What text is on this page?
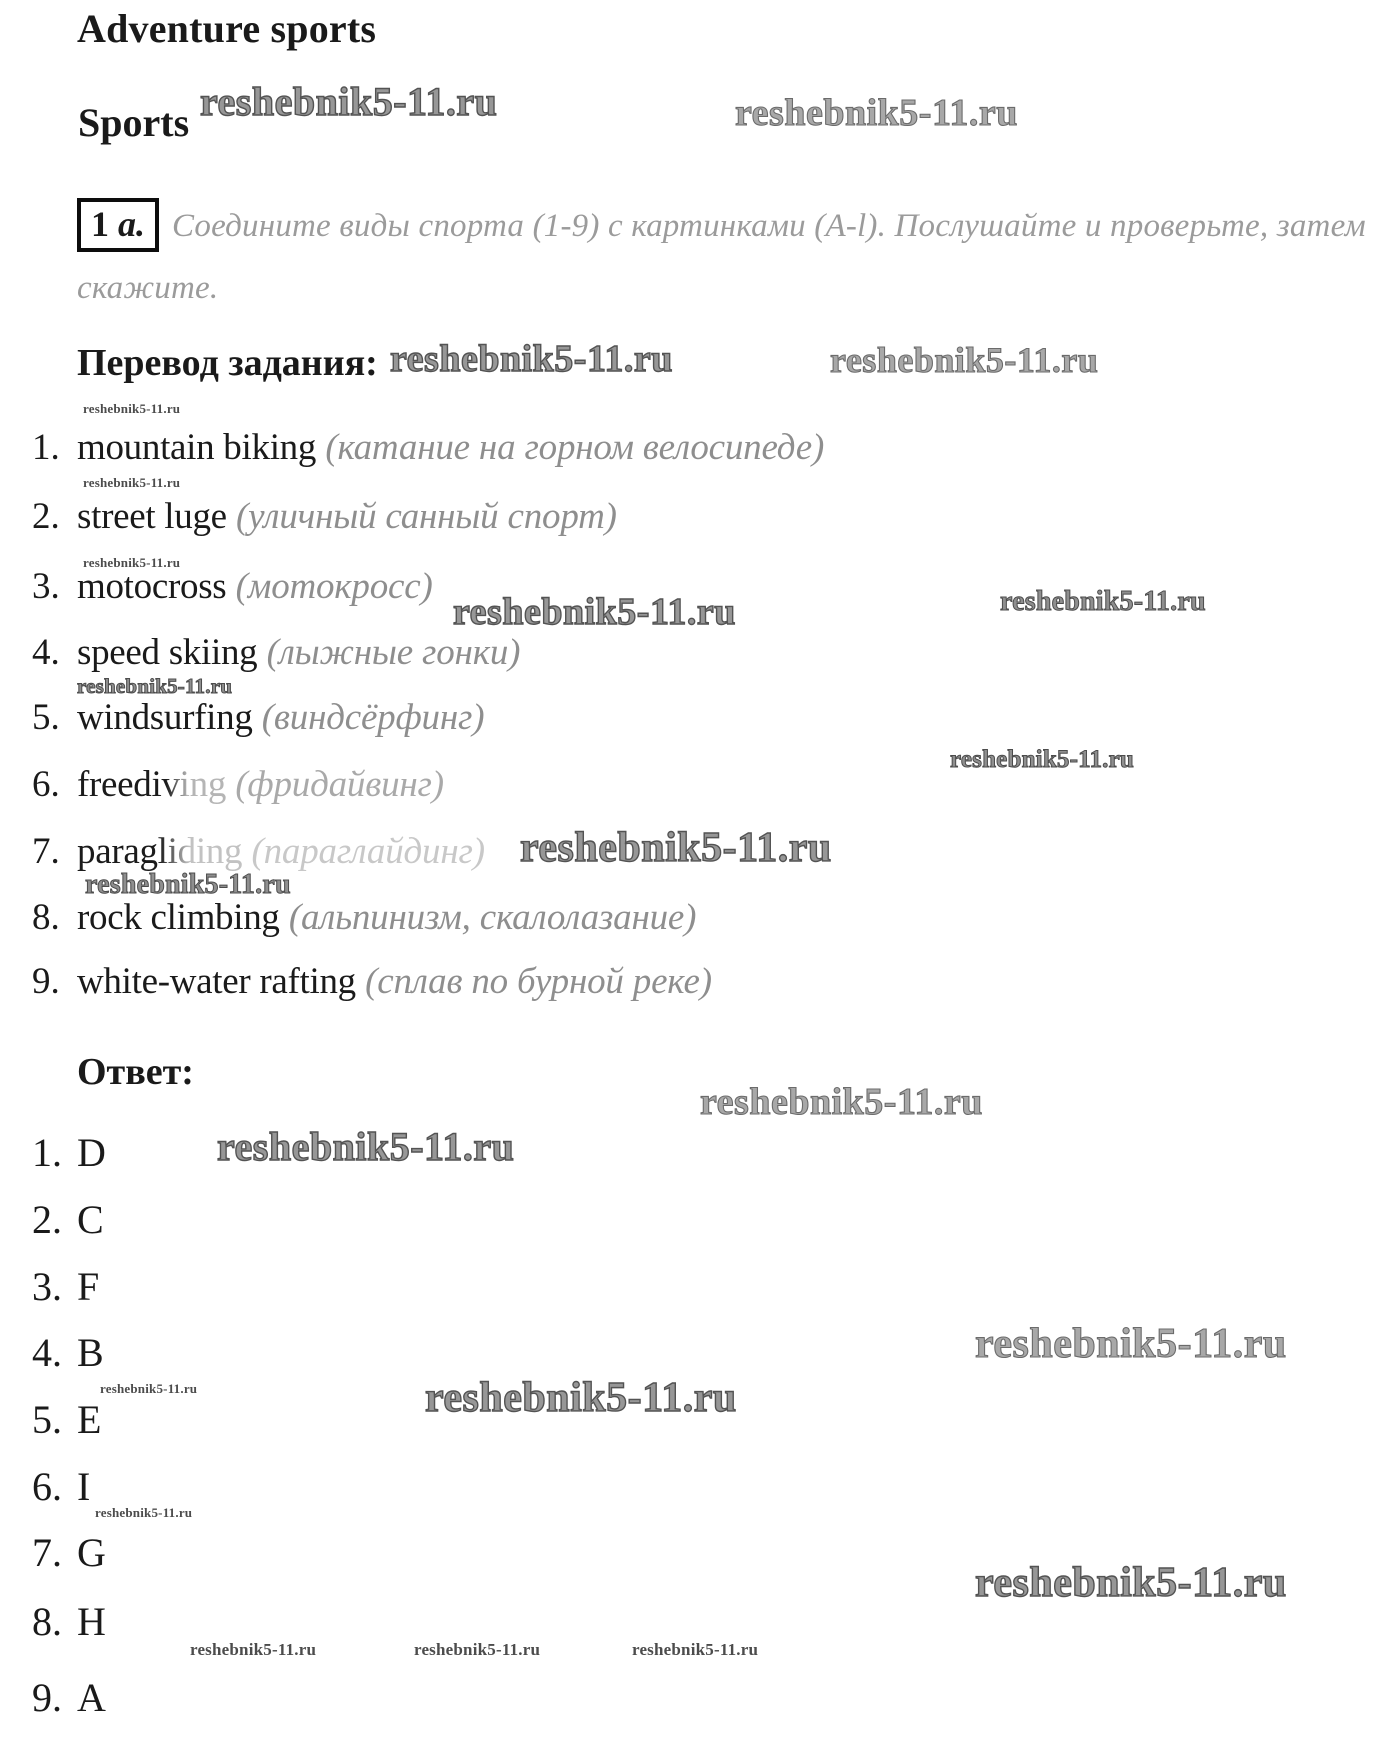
Adventure sports
Sports
1 а. Соедините виды спорта (1-9) с картинками (A-l). Послушайте и проверьте, затем
скажите.
Перевод задания:
1. mountain biking (катание на горном велосипеде)
2. street luge (уличный санный спорт)
3. motocross (мотокросс)
4. speed skiing (лыжные гонки)
5. windsurfing (виндсёрфинг)
6. freediving (фридайвинг)
7. paragliding (параглайдинг)
8. rock climbing (альпинизм, скалолазание)
9. white-water rafting (сплав по бурной реке)
Ответ:
1. D
2. C
3. F
4. B
5. E
6. I
7. G
8. H
9. A
reshebnik5-11.ru	reshebnik5-11.ru
reshebnik5-11.ru	reshebnik5-11.ru
reshebnik5-11.ru
reshebnik5-11.ru
reshebnik5-11.ru
reshebnik5-11.ru	reshebnik5-11.ru
reshebnik5-11.ru
reshebnik5-11.ru
reshebnik5-11.ru
reshebnik5-11.ru
reshebnik5-11.ru
reshebnik5-11.ru
reshebnik5-11.ru
reshebnik5-11.ru	reshebnik5-11.ru
reshebnik5-11.ru
reshebnik5-11.ru
reshebnik5-11.ru	reshebnik5-11.ru	reshebnik5-11.ru
